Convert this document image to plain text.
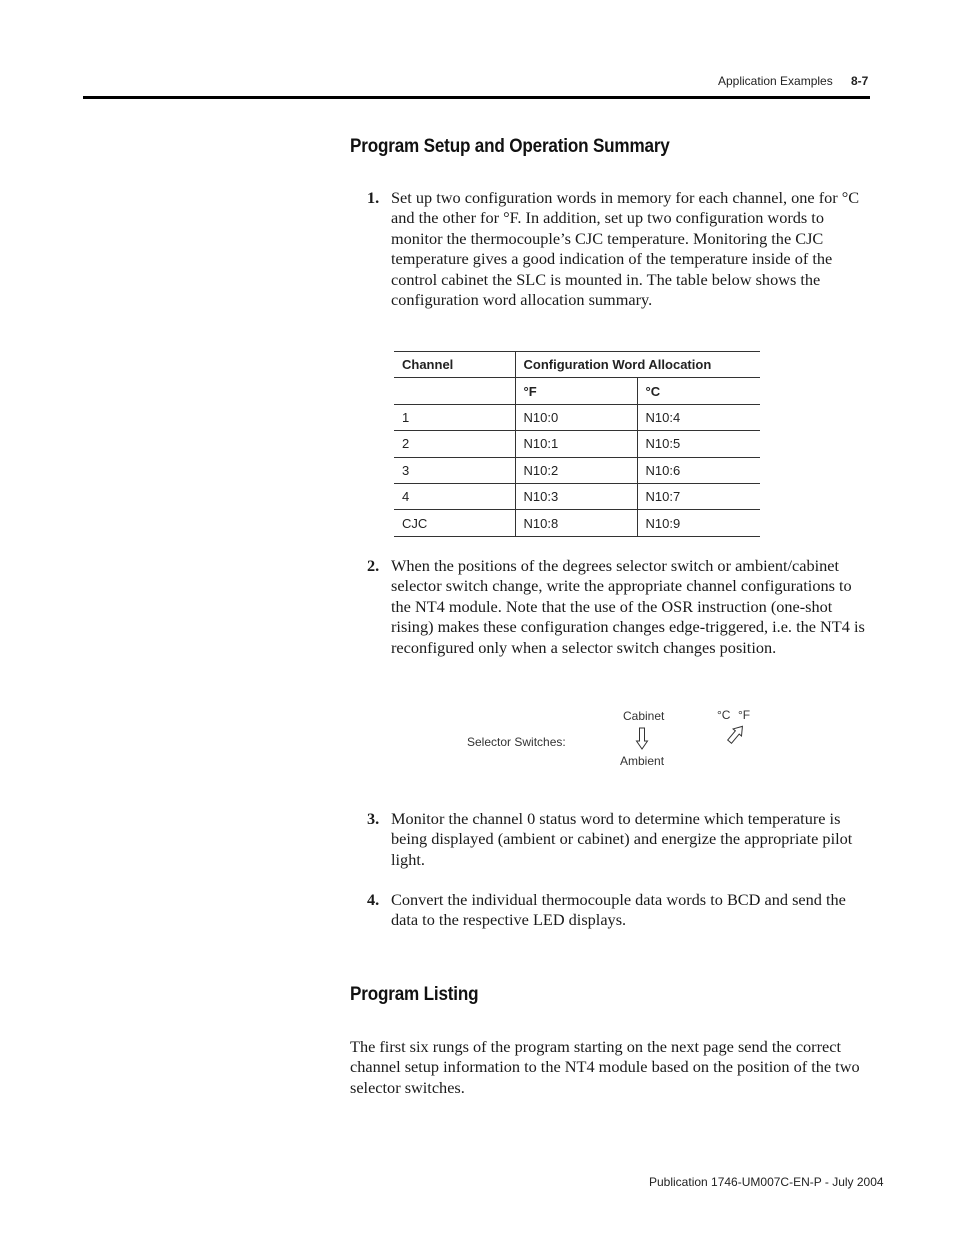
Application Examples 8-7
Program Setup and Operation Summary
1. Set up two configuration words in memory for each channel, one for °C and the other for °F. In addition, set up two configuration words to monitor the thermocouple’s CJC temperature. Monitoring the CJC temperature gives a good indication of the temperature inside of the control cabinet the SLC is mounted in. The table below shows the configuration word allocation summary.
Channel	Configuration Word Allocation	
	°F	°C
1	N10:0	N10:4
2	N10:1	N10:5
3	N10:2	N10:6
4	N10:3	N10:7
CJC	N10:8	N10:9
2. When the positions of the degrees selector switch or ambient/cabinet selector switch change, write the appropriate channel configurations to the NT4 module. Note that the use of the OSR instruction (one-shot rising) makes these configuration changes edge-triggered, i.e. the NT4 is reconfigured only when a selector switch changes position.
Selector Switches:
Cabinet
Ambient
°C °F
3. Monitor the channel 0 status word to determine which temperature is being displayed (ambient or cabinet) and energize the appropriate pilot light.
4. Convert the individual thermocouple data words to BCD and send the data to the respective LED displays.
Program Listing
The first six rungs of the program starting on the next page send the correct channel setup information to the NT4 module based on the position of the two selector switches.
Publication 1746-UM007C-EN-P - July 2004
